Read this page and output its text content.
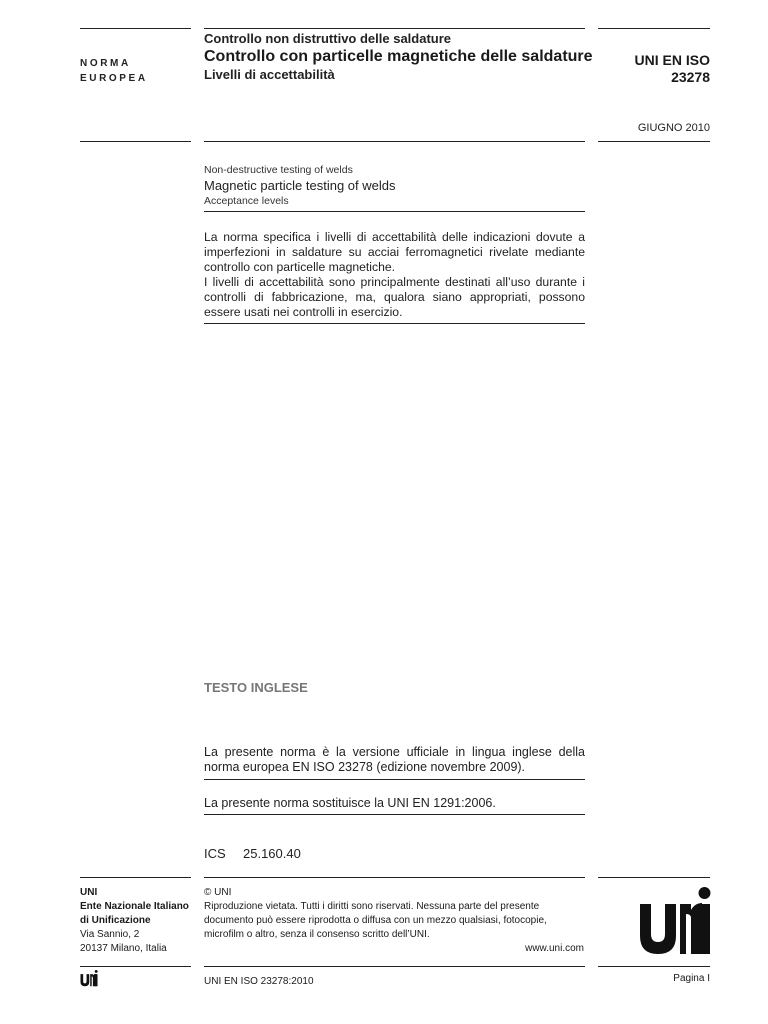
NORMA
EUROPEA
Controllo non distruttivo delle saldature
Controllo con particelle magnetiche delle saldature
Livelli di accettabilità
UNI EN ISO
23278
GIUGNO 2010
Non-destructive testing of welds
Magnetic particle testing of welds
Acceptance levels

La norma specifica i livelli di accettabilità delle indicazioni dovute a imperfezioni in saldature su acciai ferromagnetici rivelate mediante controllo con particelle magnetiche.

I livelli di accettabilità sono principalmente destinati all’uso durante i controlli di fabbricazione, ma, qualora siano appropriati, possono essere usati nei controlli in esercizio.

TESTO INGLESE
La presente norma è la versione ufficiale in lingua inglese della norma europea EN ISO 23278 (edizione novembre 2009).
La presente norma sostituisce la UNI EN 1291:2006.
ICS 25.160.40
UNI
Ente Nazionale Italiano
di Unificazione
Via Sannio, 2
20137 Milano, Italia
© UNI
Riproduzione vietata. Tutti i diritti sono riservati. Nessuna parte del presente documento può essere riprodotta o diffusa con un mezzo qualsiasi, fotocopie, microfilm o altro, senza il consenso scritto dell’UNI.
www.uni.com
UNI EN ISO 23278:2010	Pagina I
